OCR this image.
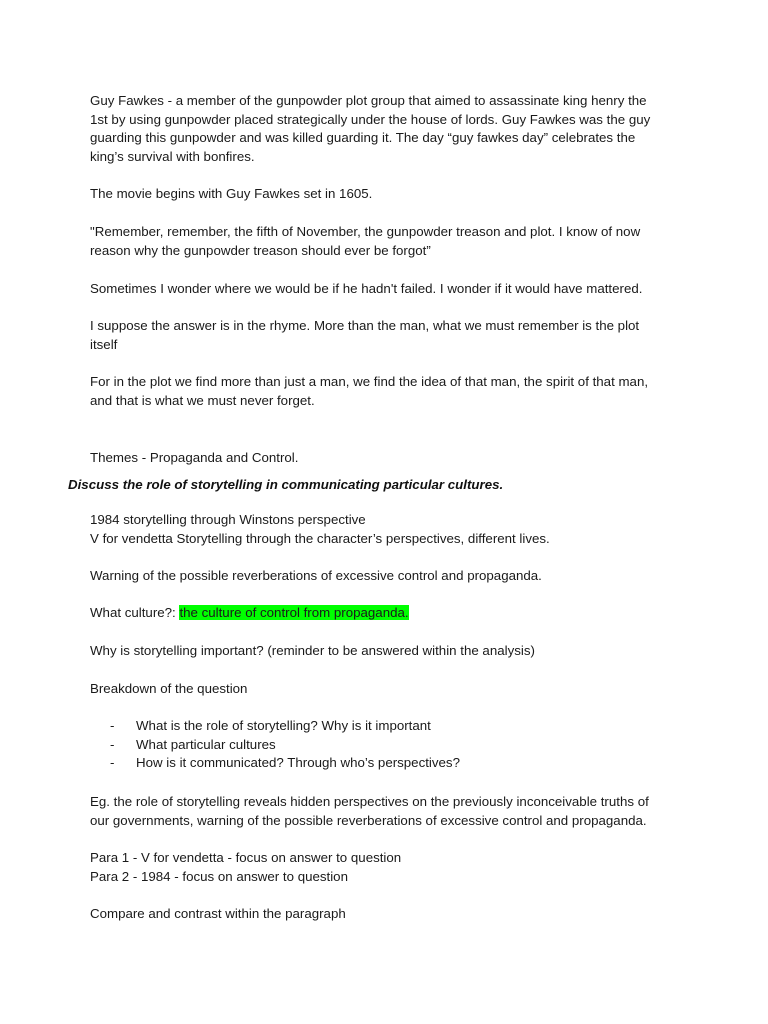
Guy Fawkes - a member of the gunpowder plot group that aimed to assassinate king henry the
1st by using gunpowder placed strategically under the house of lords. Guy Fawkes was the guy
guarding this gunpowder and was killed guarding it. The day “guy fawkes day” celebrates the
king’s survival with bonfires.

The movie begins with Guy Fawkes set in 1605.

"Remember, remember, the fifth of November, the gunpowder treason and plot. I know of now
reason why the gunpowder treason should ever be forgot”

Sometimes I wonder where we would be if he hadn't failed. I wonder if it would have mattered.

I suppose the answer is in the rhyme. More than the man, what we must remember is the plot
itself

For in the plot we find more than just a man, we find the idea of that man, the spirit of that man,
and that is what we must never forget.

Themes - Propaganda and Control.

Discuss the role of storytelling in communicating particular cultures.

1984 storytelling through Winstons perspective
V for vendetta Storytelling through the character’s perspectives, different lives.

Warning of the possible reverberations of excessive control and propaganda.

What culture?: the culture of control from propaganda.

Why is storytelling important? (reminder to be answered within the analysis)

Breakdown of the question

- What is the role of storytelling? Why is it important
- What particular cultures
- How is it communicated? Through who’s perspectives?

Eg. the role of storytelling reveals hidden perspectives on the previously inconceivable truths of
our governments, warning of the possible reverberations of excessive control and propaganda.

Para 1 - V for vendetta - focus on answer to question
Para 2 - 1984 - focus on answer to question

Compare and contrast within the paragraph
